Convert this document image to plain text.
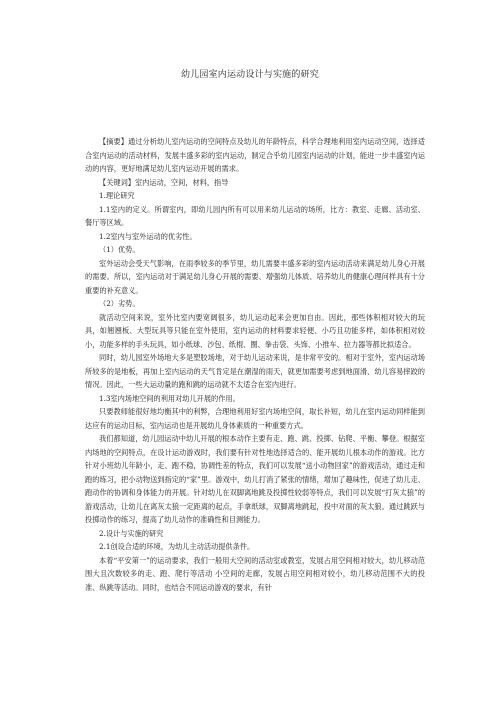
幼儿园室内运动设计与实施的研究

【摘要】通过分析幼儿室内运动的空间特点及幼儿的年龄特点，科学合理地利用室内运动空间，选择适合室内运动的活动材料，发展丰盛多彩的室内运动，制定合乎幼儿园室内运动的计划，能进一步丰盛室内运动的内容，更好地满足幼儿室内运动开展的需求。

【关键词】室内运动，空间，材料，指导

1.理论研究

1.1室内的定义。所谓室内，即幼儿园内所有可以用来幼儿运动的场所，比方：教室、走廊、活动室、餐厅等区域。

1.2室内与室外运动的优劣性。

（1）优势。

室外运动会受天气影响，在雨季较多的季节里，幼儿需要丰盛多彩的室内运动活动来满足幼儿身心开展的需要。所以，室内运动对于满足幼儿身心开展的需要、增强幼儿体质、培养幼儿的健康心理问样具有十分重要的补充意义。

（2）劣势。

就活动空间来说，室外比室内要宽阔很多，幼儿运动起来会更加自由。因此，那些体积相对较大的玩具，如翘翘板、大型玩具等只能在室外使用，室内运动的材料要求轻便、小巧且功能多样，如体积相对较小，功能多样的手头玩具，如小纸球、沙包、纸棍、圈、拳击袋、头饰、小推车、拉力器等都比拟适合。

同时，幼儿园室外场地大多是塑胶场地，对于幼儿运动来说，是非常平安的。相对于室外，室内运动场所较多的是地板，再加上室内运动的天气肯定是在潮湿的雨天，就更加需要考虑到地面滑、幼儿容易摔跤的情况。因此，一些大运动量的跑和跳的运动就不太适合在室内进行。

1.3室内场地空间的利用对幼儿开展的作用。

只要教师能很好地均衡其中的利弊，合理地利用好室内场地空间，取长补短，幼儿在室内运动同样能到达应有的运动目标，室内运动也是开展幼儿身体素质的一种重要方式。

我们都知道，幼儿园运动中幼儿开展的根本动作主要有走、跑、跳、投掷、钻爬、平衡、攀登。根据室内场地的空间特点，在设计运动游戏时，我们要有针对性地选择适合的、能开展幼儿根本动作的游戏。比方 针对小班幼儿年龄小，走、跑不稳，协调性差的特点，我们可以发展“送小动物回家”的游戏活动，通过走和跑的练习，把小动物送到指定的“家”里。游戏中，幼儿打消了紧张的情绪，增加了趣味性，促进了幼儿走、跑动作的协调和身体能力的开展。针对幼儿在双脚离地跳及投掷性较弱等特点，我们可以发展“打灰太狼”的游戏活动，让幼儿在离灰太狼一定距离的起点，手拿纸球，双脚离地跳起，投中对面的灰太狼。通过跳跃与投掷动作的练习，提高了幼儿动作的准确性和目测能力。

2.设计与实施的研究

2.1创设合适的环境，为幼儿主动活动提供条件。

本着“平安第一”的运动要求，我们一般用大空间的活动室或教室，发展占用空间相对较大，幼儿移动范围大且次数较多的走、跑、爬行等活动 小空间的走廊，发展占用空间相对较小，幼儿移动范围不大的投准、纵跳等活动。同时，也结合不同运动游戏的要求，有针
